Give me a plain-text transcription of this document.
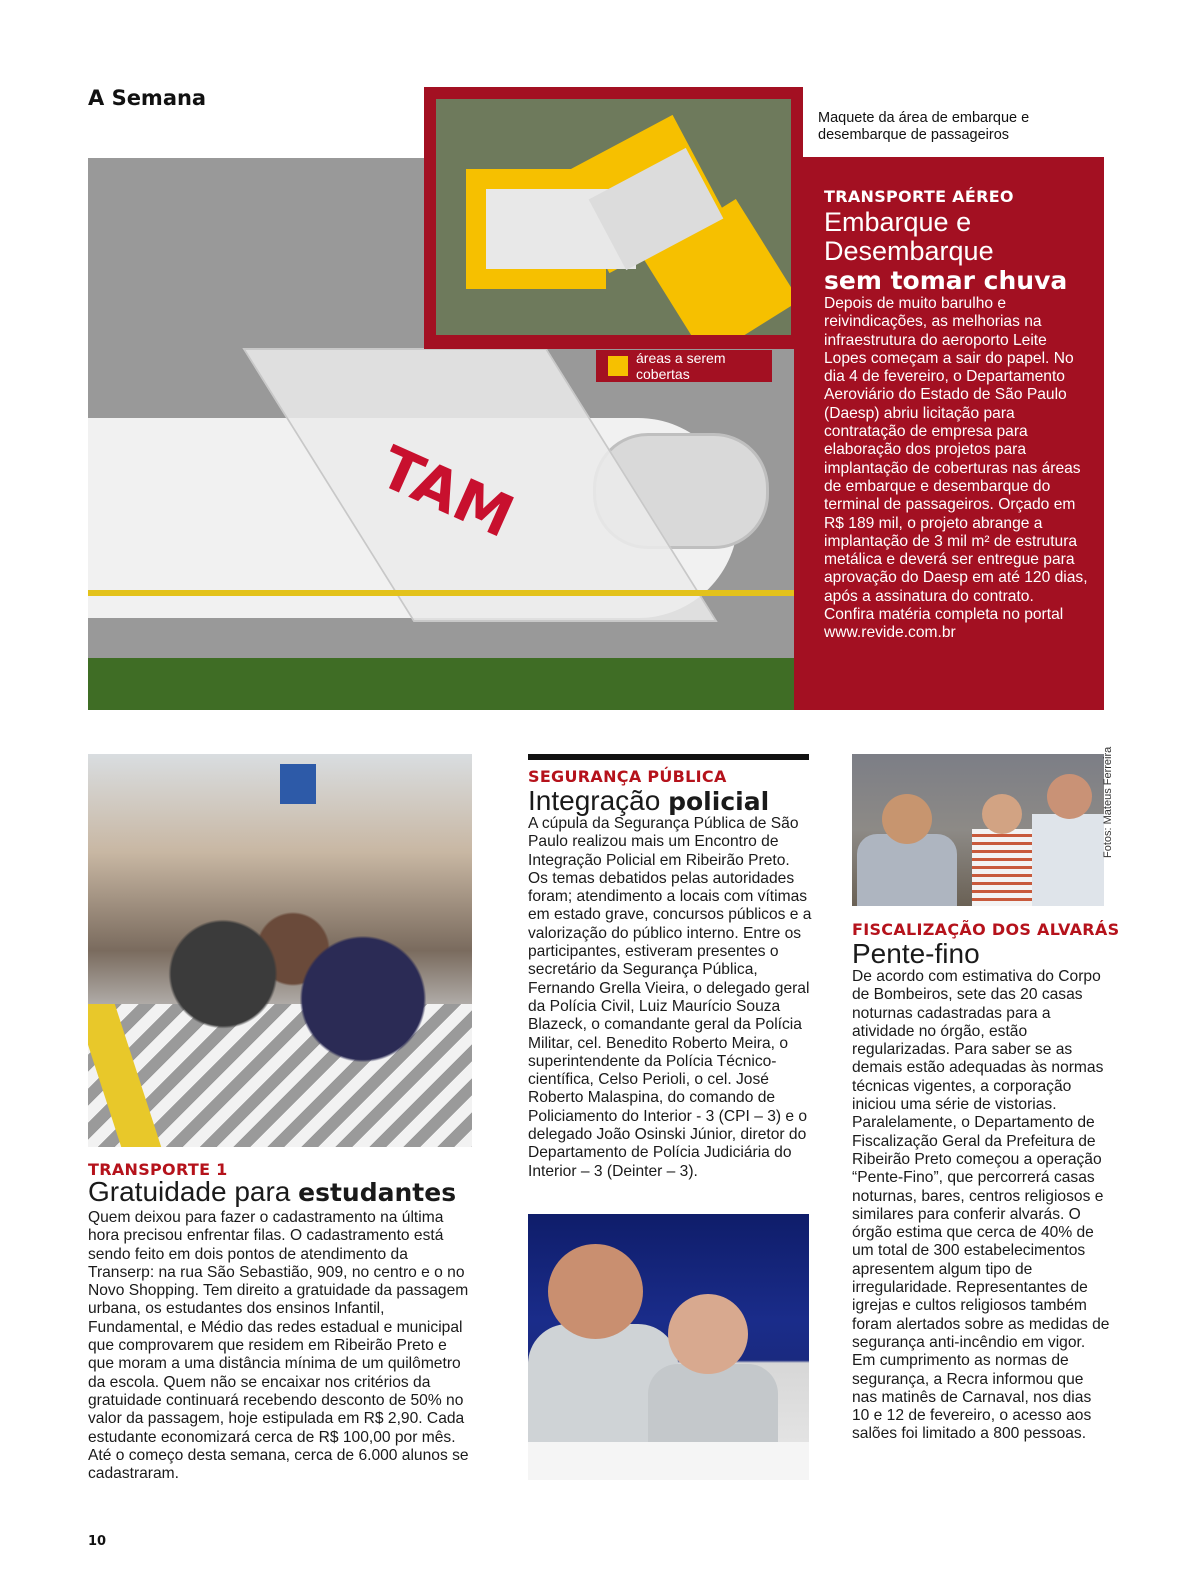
A Semana
TAM
áreas a serem cobertas
Maquete da área de embarque e desembarque de passageiros
TRANSPORTE AÉREO
Embarque e Desembarque
sem tomar chuva
Depois de muito barulho e reivindicações, as melhorias na infraestrutura do aeroporto Leite Lopes começam a sair do papel. No dia 4 de fevereiro, o Departamento Aeroviário do Estado de São Paulo (Daesp) abriu licitação para contratação de empresa para elaboração dos projetos para implantação de coberturas nas áreas de embarque e desembarque do terminal de passageiros. Orçado em R$ 189 mil, o projeto abrange a implantação de 3 mil m² de estrutura metálica e deverá ser entregue para aprovação do Daesp em até 120 dias, após a assinatura do contrato. Confira matéria completa no portal www.revide.com.br
TRANSPORTE 1
Gratuidade para estudantes
Quem deixou para fazer o cadastramento na última hora precisou enfrentar filas. O cadastramento está sendo feito em dois pontos de atendimento da Transerp: na rua São Sebastião, 909, no centro e o no Novo Shopping. Tem direito a gratuidade da passagem urbana, os estudantes dos ensinos Infantil, Fundamental, e Médio das redes estadual e municipal que comprovarem que residem em Ribeirão Preto e que moram a uma distância mínima de um quilômetro da escola. Quem não se encaixar nos critérios da gratuidade continuará recebendo desconto de 50% no valor da passagem, hoje estipulada em R$ 2,90. Cada estudante economizará cerca de R$ 100,00 por mês. Até o começo desta semana, cerca de 6.000 alunos se cadastraram.
SEGURANÇA PÚBLICA
Integração policial
A cúpula da Segurança Pública de São Paulo realizou mais um Encontro de Integração Policial em Ribeirão Preto. Os temas debatidos pelas autoridades foram; atendimento a locais com vítimas em estado grave, concursos públicos e a valorização do público interno. Entre os participantes, estiveram presentes o secretário da Segurança Pública, Fernando Grella Vieira, o delegado geral da Polícia Civil, Luiz Maurício Souza Blazeck, o comandante geral da Polícia Militar, cel. Benedito Roberto Meira, o superintendente da Polícia Técnico-científica, Celso Perioli, o cel. José Roberto Malaspina, do comando de Policiamento do Interior - 3 (CPI – 3) e o delegado João Osinski Júnior, diretor do Departamento de Polícia Judiciária do Interior – 3 (Deinter – 3).
Fotos: Mateus Ferreira
FISCALIZAÇÃO DOS ALVARÁS
Pente-fino
De acordo com estimativa do Corpo de Bombeiros, sete das 20 casas noturnas cadastradas para a atividade no órgão, estão regularizadas. Para saber se as demais estão adequadas às normas técnicas vigentes, a corporação iniciou uma série de vistorias. Paralelamente, o Departamento de Fiscalização Geral da Prefeitura de Ribeirão Preto começou a operação “Pente-Fino”, que percorrerá casas noturnas, bares, centros religiosos e similares para conferir alvarás. O órgão estima que cerca de 40% de um total de 300 estabelecimentos apresentem algum tipo de irregularidade. Representantes de igrejas e cultos religiosos também foram alertados sobre as medidas de segurança anti-incêndio em vigor. Em cumprimento as normas de segurança, a Recra informou que nas matinês de Carnaval, nos dias 10 e 12 de fevereiro, o acesso aos salões foi limitado a 800 pessoas.
10
